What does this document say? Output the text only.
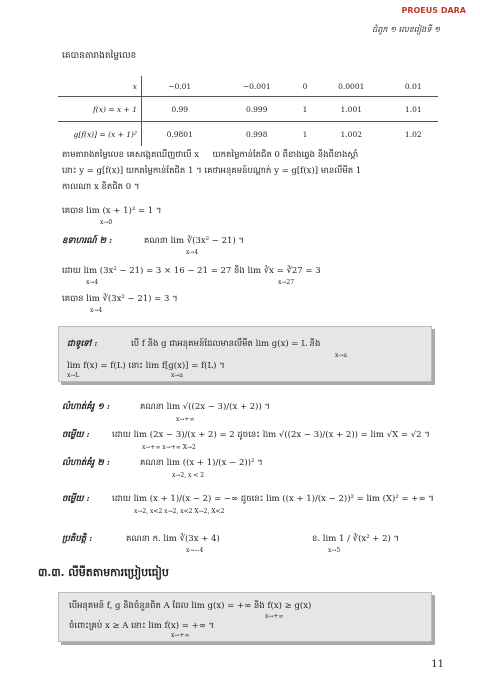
PROEUS DARA
ជំពូក ១ លេខរៀងទី ១
គេបានតារាងតម្លៃលេខ
x	−0.01	−0.001	0	0.0001	0.01
f(x) = x + 1	0.99	0.999	1	1.001	1.01
g[f(x)] = (x + 1)²	0.9801	0.998	1	1.002	1.02
តាមតារាងតម្លៃលេខ គេសង្កេតឃើញថាបើ x ​ ​ ​ ​ យកតម្លៃកាន់តែជិត 0 ពីខាងឆ្វេង និងពីខាងស្តាំ
នោះ y = g[f(x)] យកតម្លៃកាន់តែជិត 1 ។ គេថាអនុគមន៍បណ្តាក់ y = g[f(x)] មានលីមីត 1
កាលណា x ខិតជិត 0 ។
គេបាន lim (x + 1)² = 1 ។
x→0
ឧទាហរណ៍ ២ :	គណនា lim ∛(3x² − 21) ។
x→4
ដោយ lim (3x² − 21) = 3 × 16 − 21 = 27 និង lim ∛x = ∛27 = 3
x→4	x→27
គេបាន lim ∛(3x² − 21) = 3 ។
x→4
ជាទូទៅ :	បើ f និង g ជាអនុគមន៍ដែលមានលីមីត lim g(x) = L និង
x→a
lim f(x) = f(L) នោះ lim f[g(x)] = f(L) ។
x→L	x→a
លំហាត់គំរូ ១ :	គណនា lim √((2x − 3)/(x + 2)) ។
x→+∞
ចម្លើយ :	ដោយ lim (2x − 3)/(x + 2) = 2 ដូចនេះ lim √((2x − 3)/(x + 2)) = lim √X = √2 ។
x→+∞ x→+∞ X→2
លំហាត់គំរូ ២ :	គណនា lim ((x + 1)/(x − 2))² ។
x→2, x < 2
ចម្លើយ :	ដោយ lim (x + 1)/(x − 2) = −∞ ដូចនេះ lim ((x + 1)/(x − 2))² = lim (X)² = +∞ ។
x→2, x<2 x→2, x<2 X→2, X<2
ប្រតិបត្តិ :	គណនា ក. lim ∛(3x + 4)
x→−4
ខ. lim 1 / ∛(x² + 2) ។
x→5
៣.៣. លីមីតតាមការប្រៀបធៀប
បើអនុគមន៍ f, g និងចំនួនពិត A ដែល lim g(x) = +∞ និង f(x) ≥ g(x)
x→+∞
ចំពោះគ្រប់ x ≥ A នោះ lim f(x) = +∞ ។
x→+∞
11
